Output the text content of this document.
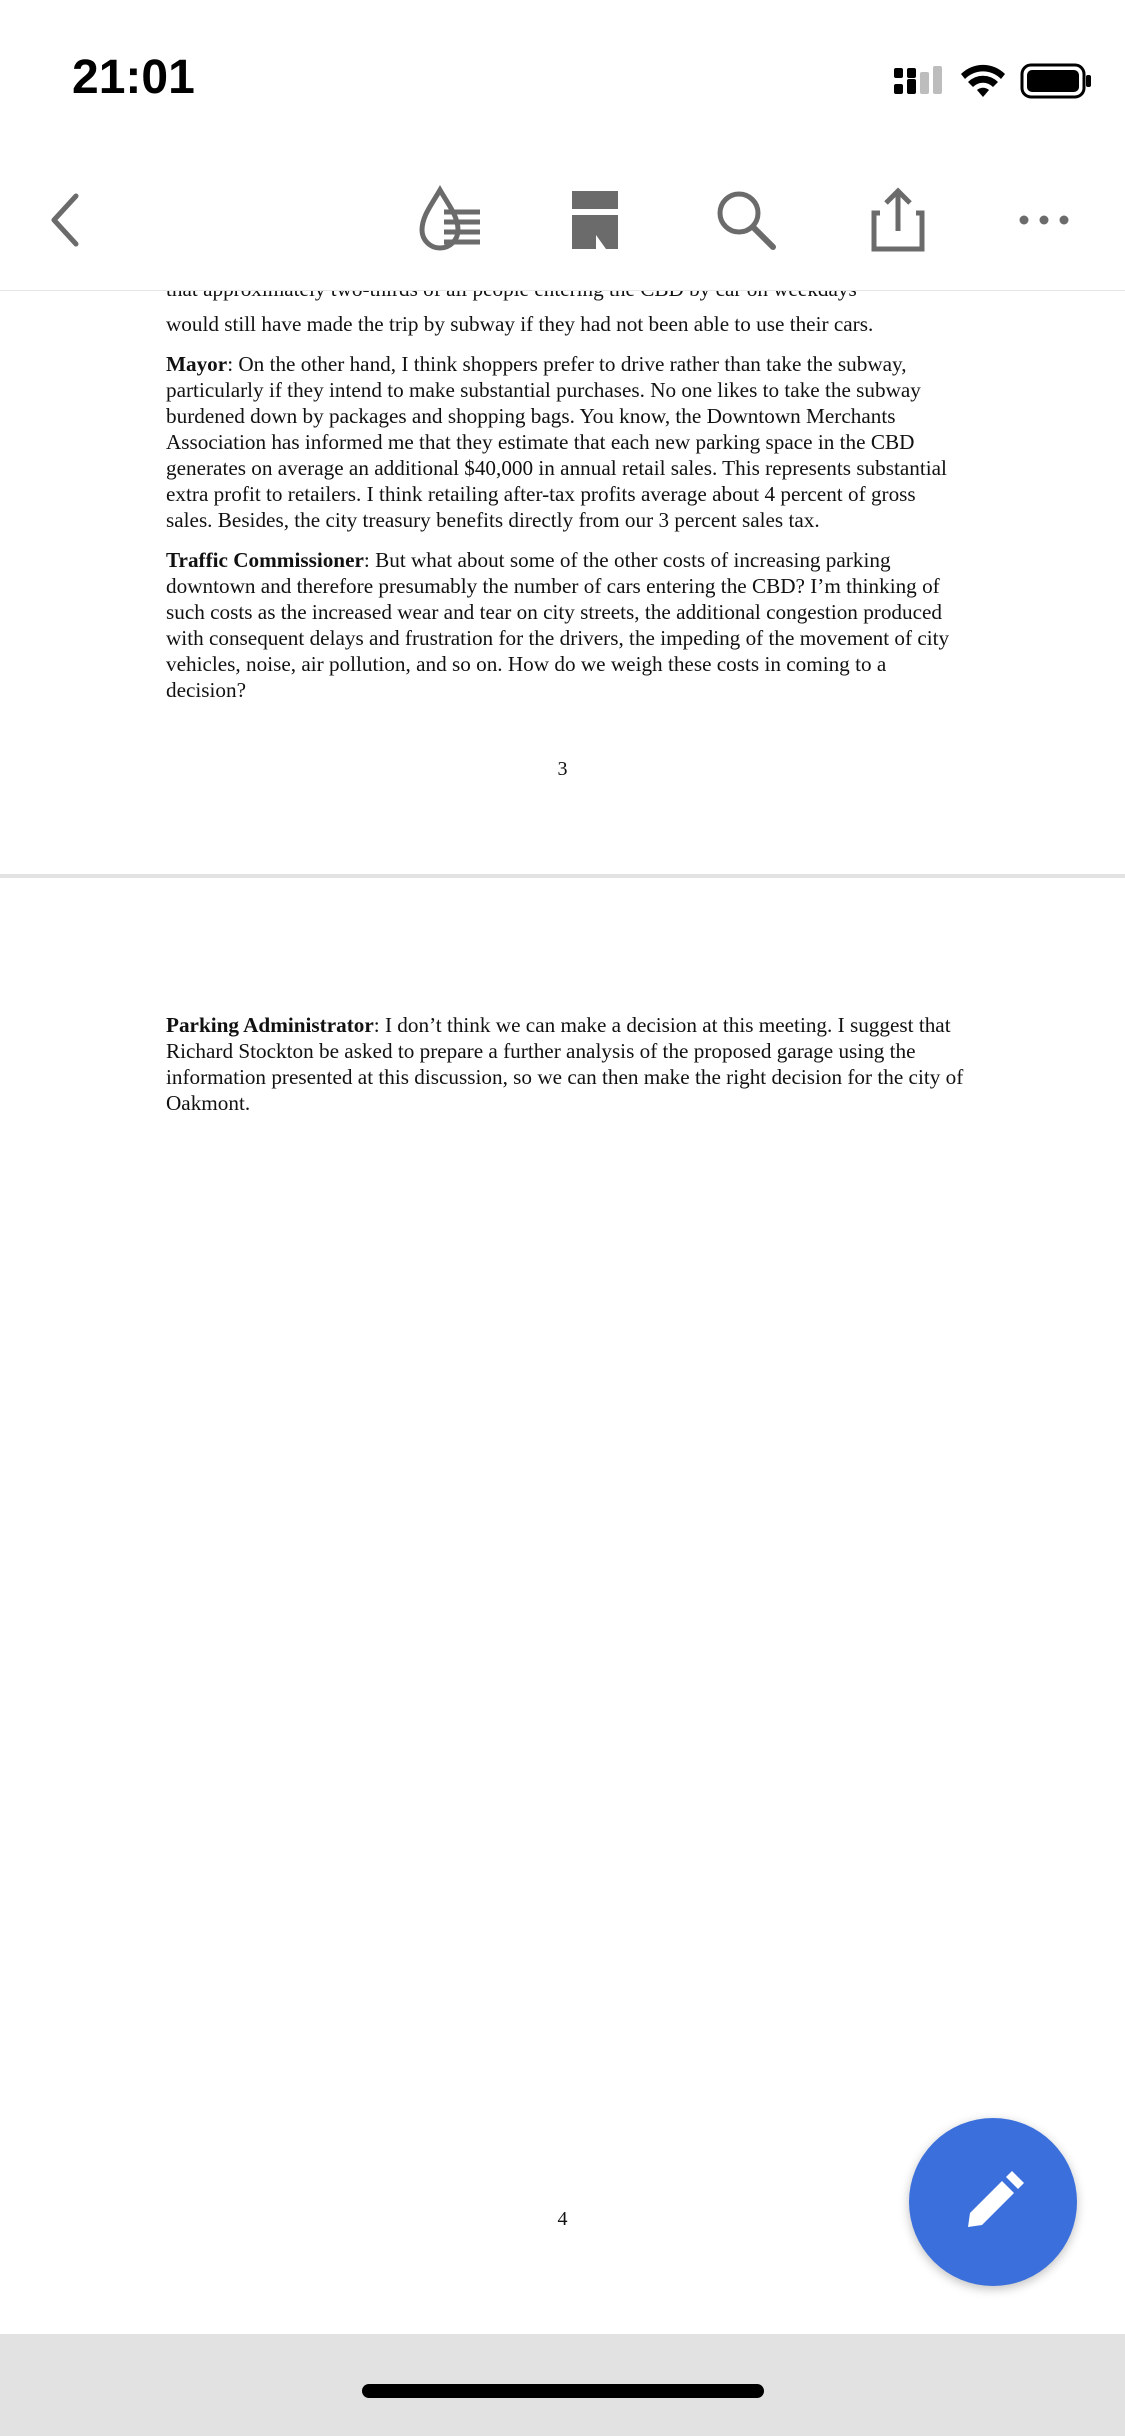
21:01

would still have made the trip by subway if they had not been able to use their cars.

Mayor: On the other hand, I think shoppers prefer to drive rather than take the subway, particularly if they intend to make substantial purchases. No one likes to take the subway burdened down by packages and shopping bags. You know, the Downtown Merchants Association has informed me that they estimate that each new parking space in the CBD generates on average an additional $40,000 in annual retail sales. This represents substantial extra profit to retailers. I think retailing after-tax profits average about 4 percent of gross sales. Besides, the city treasury benefits directly from our 3 percent sales tax.

Traffic Commissioner: But what about some of the other costs of increasing parking downtown and therefore presumably the number of cars entering the CBD? I’m thinking of such costs as the increased wear and tear on city streets, the additional congestion produced with consequent delays and frustration for the drivers, the impeding of the movement of city vehicles, noise, air pollution, and so on. How do we weigh these costs in coming to a decision?

3

Parking Administrator: I don’t think we can make a decision at this meeting. I suggest that Richard Stockton be asked to prepare a further analysis of the proposed garage using the information presented at this discussion, so we can then make the right decision for the city of Oakmont.

4
